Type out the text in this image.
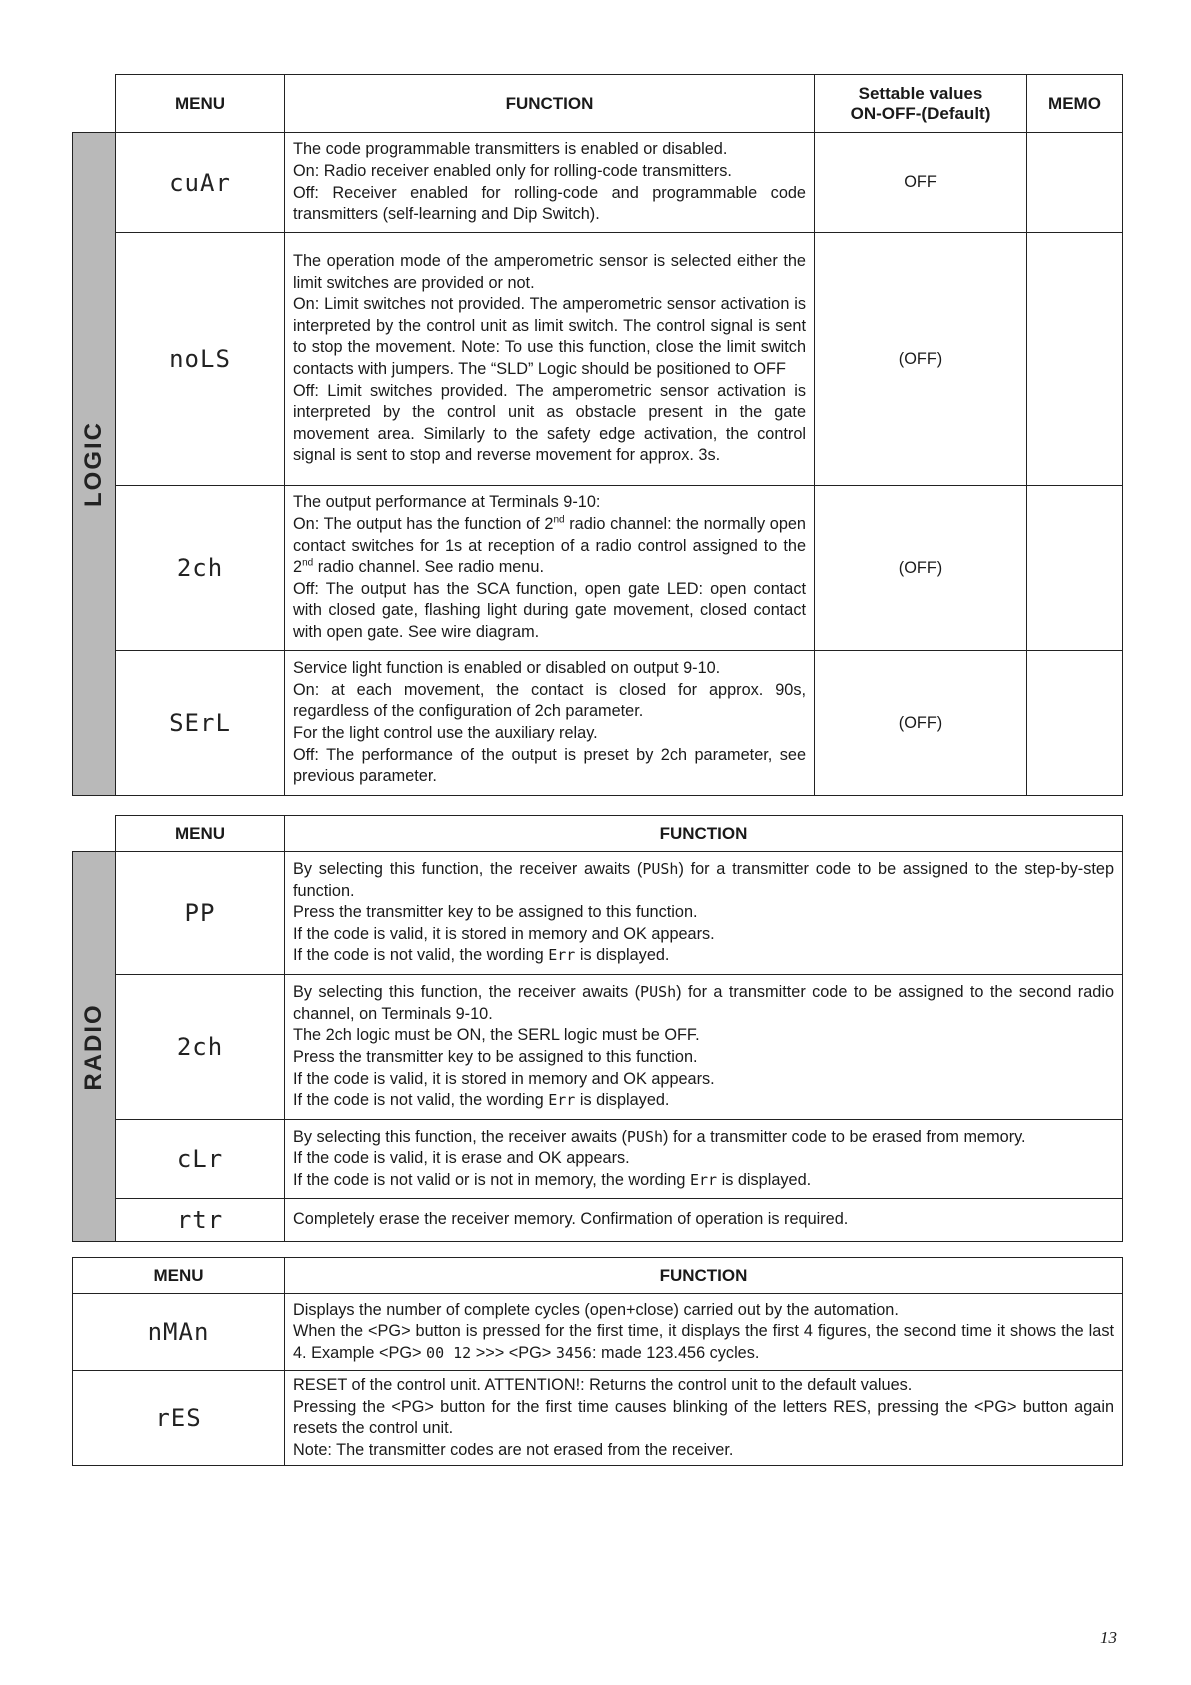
	MENU	FUNCTION	Settable values
ON-OFF-(Default)	MEMO

LOGIC	cuAr	The code programmable transmitters is enabled or disabled.

On: Radio receiver enabled only for rolling-code transmitters.

Off: Receiver enabled for rolling-code and programmable code transmitters (self-learning and Dip Switch).	OFF	
	noLS	The operation mode of the amperometric sensor is selected either the limit switches are provided or not.

On: Limit switches not provided. The amperometric sensor activation is interpreted by the control unit as limit switch. The control signal is sent to stop the movement. Note: To use this function, close the limit switch contacts with jumpers. The “SLD” Logic should be positioned to OFF

Off: Limit switches provided. The amperometric sensor activation is interpreted by the control unit as obstacle present in the gate movement area. Similarly to the safety edge activation, the control signal is sent to stop and reverse movement for approx. 3s.	(OFF)	
	2ch	The output performance at Terminals 9-10:

On: The output has the function of 2nd radio channel: the normally open contact switches for 1s at reception of a radio control assigned to the 2nd radio channel. See radio menu.

Off: The output has the SCA function, open gate LED: open contact with closed gate, flashing light during gate movement, closed contact with open gate. See wire diagram.	(OFF)	
	SErL	Service light function is enabled or disabled on output 9-10.

On: at each movement, the contact is closed for approx. 90s, regardless of the configuration of 2ch parameter.

For the light control use the auxiliary relay.

Off: The performance of the output is preset by 2ch parameter, see previous parameter.	(OFF)	
	MENU	FUNCTION

RADIO	PP	By selecting this function, the receiver awaits (PUSh) for a transmitter code to be assigned to the step-by-step function.

Press the transmitter key to be assigned to this function.

If the code is valid, it is stored in memory and OK appears.

If the code is not valid, the wording Err is displayed.

	2ch	By selecting this function, the receiver awaits (PUSh) for a transmitter code to be assigned to the second radio channel, on Terminals 9-10.

The 2ch logic must be ON, the SERL logic must be OFF.

Press the transmitter key to be assigned to this function.

If the code is valid, it is stored in memory and OK appears.

If the code is not valid, the wording Err is displayed.

	cLr	By selecting this function, the receiver awaits (PUSh) for a transmitter code to be erased from memory.

If the code is valid, it is erase and OK appears.

If the code is not valid or is not in memory, the wording Err is displayed.

	rtr	Completely erase the receiver memory. Confirmation of operation is required.
MENU	FUNCTION
nMAn	Displays the number of complete cycles (open+close) carried out by the automation.

When the <PG> button is pressed for the first time, it displays the first 4 figures, the second time it shows the last 4. Example <PG> 00 12 >>> <PG> 3456: made 123.456 cycles.

rES	RESET of the control unit. ATTENTION!: Returns the control unit to the default values.

Pressing the <PG> button for the first time causes blinking of the letters RES, pressing the <PG> button again resets the control unit.

Note: The transmitter codes are not erased from the receiver.

13
